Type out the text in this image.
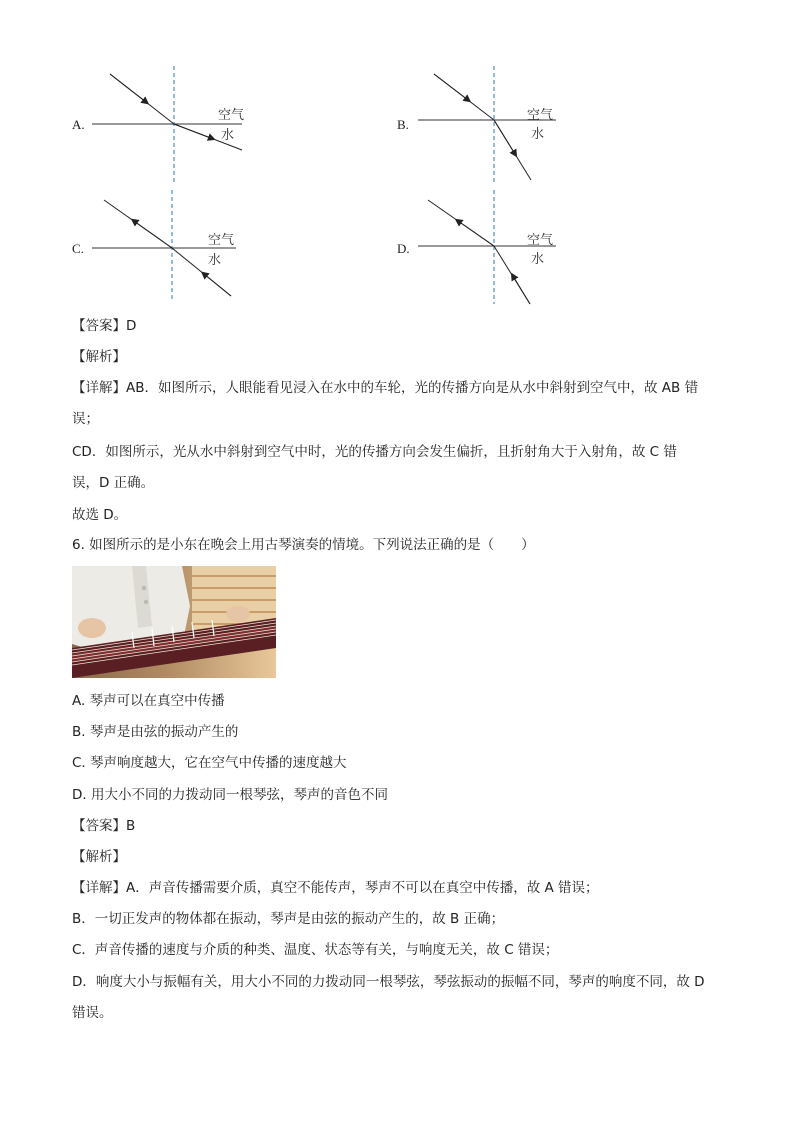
A.
空气
水
B.
空气
水
C.
空气
水
D.
空气
水
【答案】D
【解析】
【详解】AB．如图所示，人眼能看见浸入在水中的车轮，光的传播方向是从水中斜射到空气中，故 AB 错
误；
CD．如图所示，光从水中斜射到空气中时，光的传播方向会发生偏折，且折射角大于入射角，故 C 错
误，D 正确。
故选 D。
6. 如图所示的是小东在晚会上用古琴演奏的情境。下列说法正确的是（　　）
A. 琴声可以在真空中传播
B. 琴声是由弦的振动产生的
C. 琴声响度越大，它在空气中传播的速度越大
D. 用大小不同的力拨动同一根琴弦，琴声的音色不同
【答案】B
【解析】
【详解】A．声音传播需要介质，真空不能传声，琴声不可以在真空中传播，故 A 错误；
B．一切正发声的物体都在振动，琴声是由弦的振动产生的，故 B 正确；
C．声音传播的速度与介质的种类、温度、状态等有关，与响度无关，故 C 错误；
D．响度大小与振幅有关，用大小不同的力拨动同一根琴弦，琴弦振动的振幅不同，琴声的响度不同，故 D
错误。
